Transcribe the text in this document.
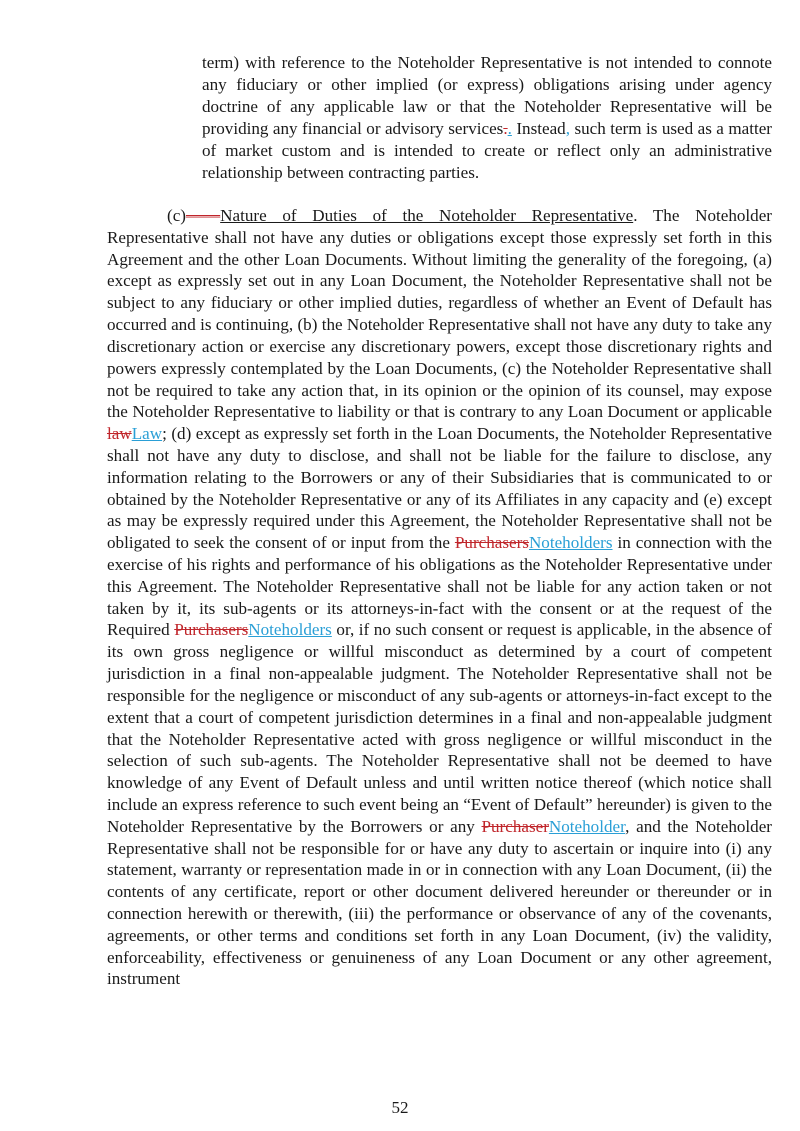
term) with reference to the Noteholder Representative is not intended to connote any fiduciary or other implied (or express) obligations arising under agency doctrine of any applicable law or that the Noteholder Representative will be providing any financial or advisory services.. Instead, such term is used as a matter of market custom and is intended to create or reflect only an administrative relationship between contracting parties.
(c)——Nature of Duties of the Noteholder Representative. The Noteholder Representative shall not have any duties or obligations except those expressly set forth in this Agreement and the other Loan Documents. Without limiting the generality of the foregoing, (a) except as expressly set out in any Loan Document, the Noteholder Representative shall not be subject to any fiduciary or other implied duties, regardless of whether an Event of Default has occurred and is continuing, (b) the Noteholder Representative shall not have any duty to take any discretionary action or exercise any discretionary powers, except those discretionary rights and powers expressly contemplated by the Loan Documents, (c) the Noteholder Representative shall not be required to take any action that, in its opinion or the opinion of its counsel, may expose the Noteholder Representative to liability or that is contrary to any Loan Document or applicable lawLaw; (d) except as expressly set forth in the Loan Documents, the Noteholder Representative shall not have any duty to disclose, and shall not be liable for the failure to disclose, any information relating to the Borrowers or any of their Subsidiaries that is communicated to or obtained by the Noteholder Representative or any of its Affiliates in any capacity and (e) except as may be expressly required under this Agreement, the Noteholder Representative shall not be obligated to seek the consent of or input from the PurchasersNoteholders in connection with the exercise of his rights and performance of his obligations as the Noteholder Representative under this Agreement. The Noteholder Representative shall not be liable for any action taken or not taken by it, its sub-agents or its attorneys-in-fact with the consent or at the request of the Required PurchasersNoteholders or, if no such consent or request is applicable, in the absence of its own gross negligence or willful misconduct as determined by a court of competent jurisdiction in a final non-appealable judgment. The Noteholder Representative shall not be responsible for the negligence or misconduct of any sub-agents or attorneys-in-fact except to the extent that a court of competent jurisdiction determines in a final and non-appealable judgment that the Noteholder Representative acted with gross negligence or willful misconduct in the selection of such sub-agents. The Noteholder Representative shall not be deemed to have knowledge of any Event of Default unless and until written notice thereof (which notice shall include an express reference to such event being an “Event of Default” hereunder) is given to the Noteholder Representative by the Borrowers or any PurchaserNoteholder, and the Noteholder Representative shall not be responsible for or have any duty to ascertain or inquire into (i) any statement, warranty or representation made in or in connection with any Loan Document, (ii) the contents of any certificate, report or other document delivered hereunder or thereunder or in connection herewith or therewith, (iii) the performance or observance of any of the covenants, agreements, or other terms and conditions set forth in any Loan Document, (iv) the validity, enforceability, effectiveness or genuineness of any Loan Document or any other agreement, instrument
52
